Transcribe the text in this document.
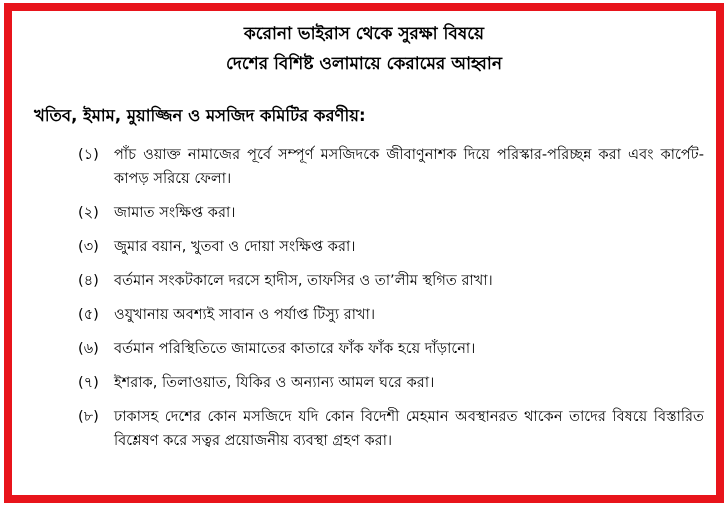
করোনা ভাইরাস থেকে সুরক্ষা বিষয়ে
দেশের বিশিষ্ট ওলামায়ে কেরামের আহ্বান
খতিব, ইমাম, মুয়াজ্জিন ও মসজিদ কমিটির করণীয়:
(১) পাঁচ ওয়াক্ত নামাজের পূর্বে সম্পূর্ণ মসজিদকে জীবাণুনাশক দিয়ে পরিস্কার-পরিচ্ছন্ন করা এবং কার্পেট-কাপড় সরিয়ে ফেলা।
(২) জামাত সংক্ষিপ্ত করা।
(৩) জুমার বয়ান, খুতবা ও দোয়া সংক্ষিপ্ত করা।
(৪) বর্তমান সংকটকালে দরসে হাদীস, তাফসির ও তা’লীম স্থগিত রাখা।
(৫) ওযুখানায় অবশ্যই সাবান ও পর্যাপ্ত টিস্যু রাখা।
(৬) বর্তমান পরিস্থিতিতে জামাতের কাতারে ফাঁক ফাঁক হয়ে দাঁড়ানো।
(৭) ইশরাক, তিলাওয়াত, যিকির ও অন্যান্য আমল ঘরে করা।
(৮) ঢাকাসহ দেশের কোন মসজিদে যদি কোন বিদেশী মেহমান অবস্থানরত থাকেন তাদের বিষয়ে বিস্তারিত বিশ্লেষণ করে সত্বর প্রয়োজনীয় ব্যবস্থা গ্রহণ করা।
